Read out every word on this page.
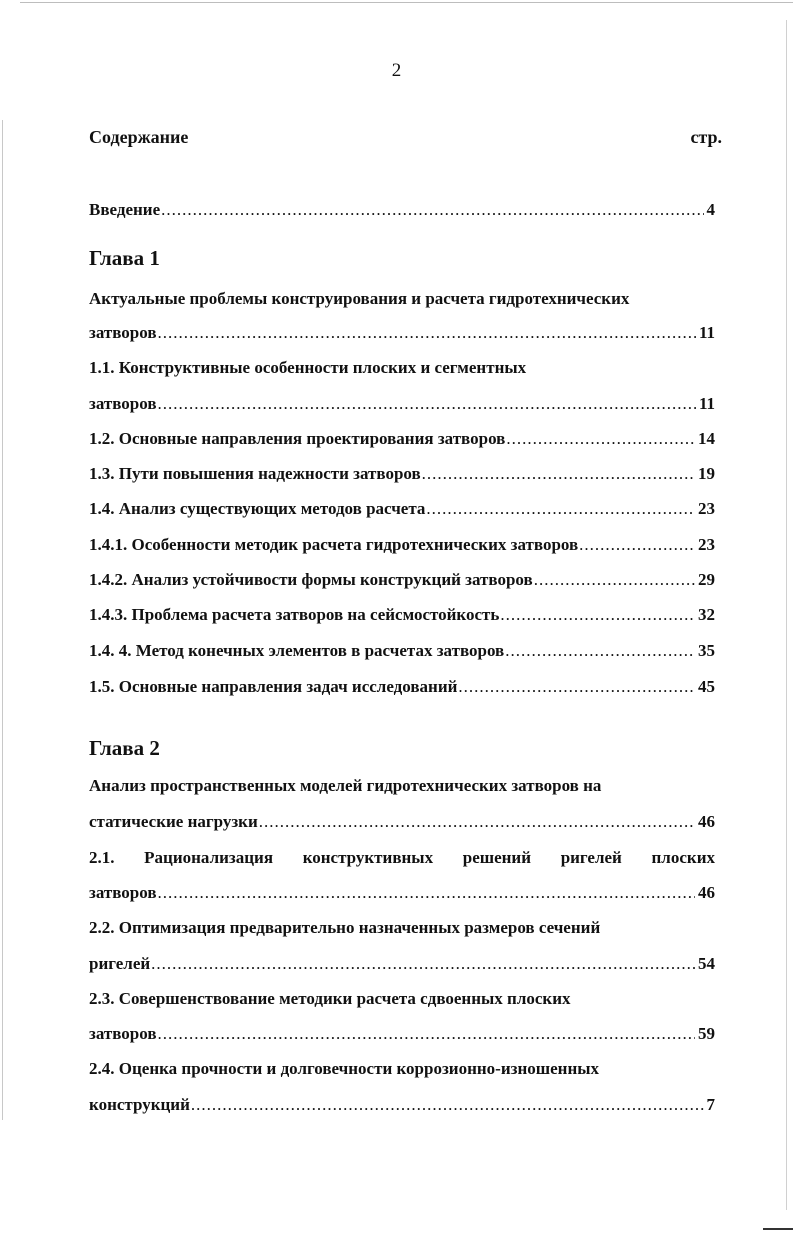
2
Содержание	стр.
Введение .....	4
Глава 1
Актуальные проблемы конструирования и расчета гидротехнических
затворов .....	11
1.1. Конструктивные особенности плоских и сегментных
затворов .....	11
1.2. Основные направления проектирования затворов .....	14
1.3. Пути повышения надежности затворов .....	19
1.4. Анализ существующих методов расчета .....	23
1.4.1. Особенности методик расчета гидротехнических затворов .....	23
1.4.2. Анализ устойчивости формы конструкций затворов .....	29
1.4.3. Проблема расчета затворов на сейсмостойкость .....	32
1.4. 4. Метод конечных элементов в расчетах затворов .....	35
1.5. Основные направления задач исследований .....	45
Глава 2
Анализ пространственных моделей гидротехнических затворов на
статические нагрузки .....	46
2.1. Рационализация конструктивных решений ригелей плоских
затворов .....	46
2.2. Оптимизация предварительно назначенных размеров сечений
ригелей .....	54
2.3. Совершенствование методики расчета сдвоенных плоских
затворов .....	59
2.4. Оценка прочности и долговечности коррозионно-изношенных
конструкций .....	7
